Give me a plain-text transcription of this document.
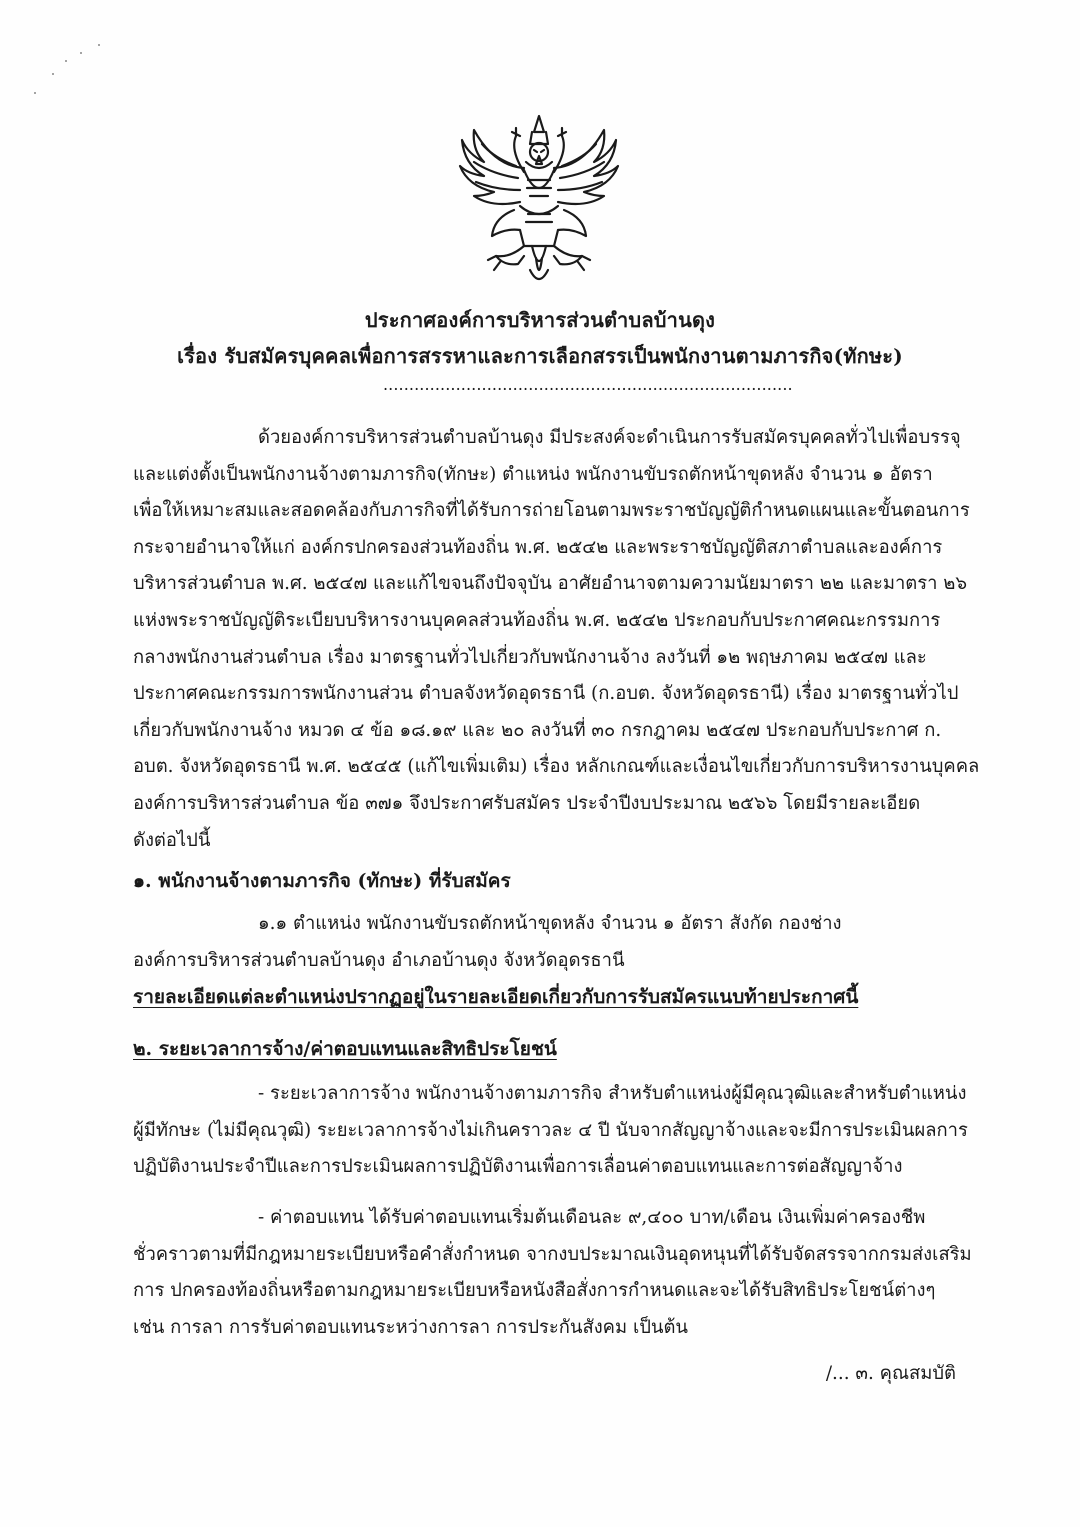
ประกาศองค์การบริหารส่วนตำบลบ้านดุง
เรื่อง รับสมัครบุคคลเพื่อการสรรหาและการเลือกสรรเป็นพนักงานตามภารกิจ(ทักษะ)
...............................................................................
ด้วยองค์การบริหารส่วนตำบลบ้านดุง มีประสงค์จะดำเนินการรับสมัครบุคคลทั่วไปเพื่อบรรจุ
และแต่งตั้งเป็นพนักงานจ้างตามภารกิจ(ทักษะ) ตำแหน่ง พนักงานขับรถตักหน้าขุดหลัง จำนวน ๑ อัตรา
เพื่อให้เหมาะสมและสอดคล้องกับภารกิจที่ได้รับการถ่ายโอนตามพระราชบัญญัติกำหนดแผนและขั้นตอนการ
กระจายอำนาจให้แก่ องค์กรปกครองส่วนท้องถิ่น พ.ศ. ๒๕๔๒ และพระราชบัญญัติสภาตำบลและองค์การ
บริหารส่วนตำบล พ.ศ. ๒๕๔๗ และแก้ไขจนถึงปัจจุบัน อาศัยอำนาจตามความนัยมาตรา ๒๒ และมาตรา ๒๖
แห่งพระราชบัญญัติระเบียบบริหารงานบุคคลส่วนท้องถิ่น พ.ศ. ๒๕๔๒ ประกอบกับประกาศคณะกรรมการ
กลางพนักงานส่วนตำบล เรื่อง มาตรฐานทั่วไปเกี่ยวกับพนักงานจ้าง ลงวันที่ ๑๒ พฤษภาคม ๒๕๔๗ และ
ประกาศคณะกรรมการพนักงานส่วน ตำบลจังหวัดอุดรธานี (ก.อบต. จังหวัดอุดรธานี) เรื่อง มาตรฐานทั่วไป
เกี่ยวกับพนักงานจ้าง หมวด ๔ ข้อ ๑๘.๑๙ และ ๒๐ ลงวันที่ ๓๐ กรกฎาคม ๒๕๔๗ ประกอบกับประกาศ ก.
อบต. จังหวัดอุดรธานี พ.ศ. ๒๕๔๕ (แก้ไขเพิ่มเติม) เรื่อง หลักเกณฑ์และเงื่อนไขเกี่ยวกับการบริหารงานบุคคล
องค์การบริหารส่วนตำบล ข้อ ๓๗๑ จึงประกาศรับสมัคร ประจำปีงบประมาณ ๒๕๖๖ โดยมีรายละเอียด
ดังต่อไปนี้
๑. พนักงานจ้างตามภารกิจ (ทักษะ) ที่รับสมัคร
๑.๑ ตำแหน่ง พนักงานขับรถตักหน้าขุดหลัง จำนวน ๑ อัตรา สังกัด กองช่าง
องค์การบริหารส่วนตำบลบ้านดุง อำเภอบ้านดุง จังหวัดอุดรธานี
รายละเอียดแต่ละตำแหน่งปรากฏอยู่ในรายละเอียดเกี่ยวกับการรับสมัครแนบท้ายประกาศนี้
๒. ระยะเวลาการจ้าง/ค่าตอบแทนและสิทธิประโยชน์
- ระยะเวลาการจ้าง พนักงานจ้างตามภารกิจ สำหรับตำแหน่งผู้มีคุณวุฒิและสำหรับตำแหน่ง
ผู้มีทักษะ (ไม่มีคุณวุฒิ) ระยะเวลาการจ้างไม่เกินคราวละ ๔ ปี นับจากสัญญาจ้างและจะมีการประเมินผลการ
ปฏิบัติงานประจำปีและการประเมินผลการปฏิบัติงานเพื่อการเลื่อนค่าตอบแทนและการต่อสัญญาจ้าง
- ค่าตอบแทน ได้รับค่าตอบแทนเริ่มต้นเดือนละ ๙,๔๐๐ บาท/เดือน เงินเพิ่มค่าครองชีพ
ชั่วคราวตามที่มีกฎหมายระเบียบหรือคำสั่งกำหนด จากงบประมาณเงินอุดหนุนที่ได้รับจัดสรรจากกรมส่งเสริม
การ ปกครองท้องถิ่นหรือตามกฎหมายระเบียบหรือหนังสือสั่งการกำหนดและจะได้รับสิทธิประโยชน์ต่างๆ
เช่น การลา การรับค่าตอบแทนระหว่างการลา การประกันสังคม เป็นต้น
/... ๓. คุณสมบัติ
